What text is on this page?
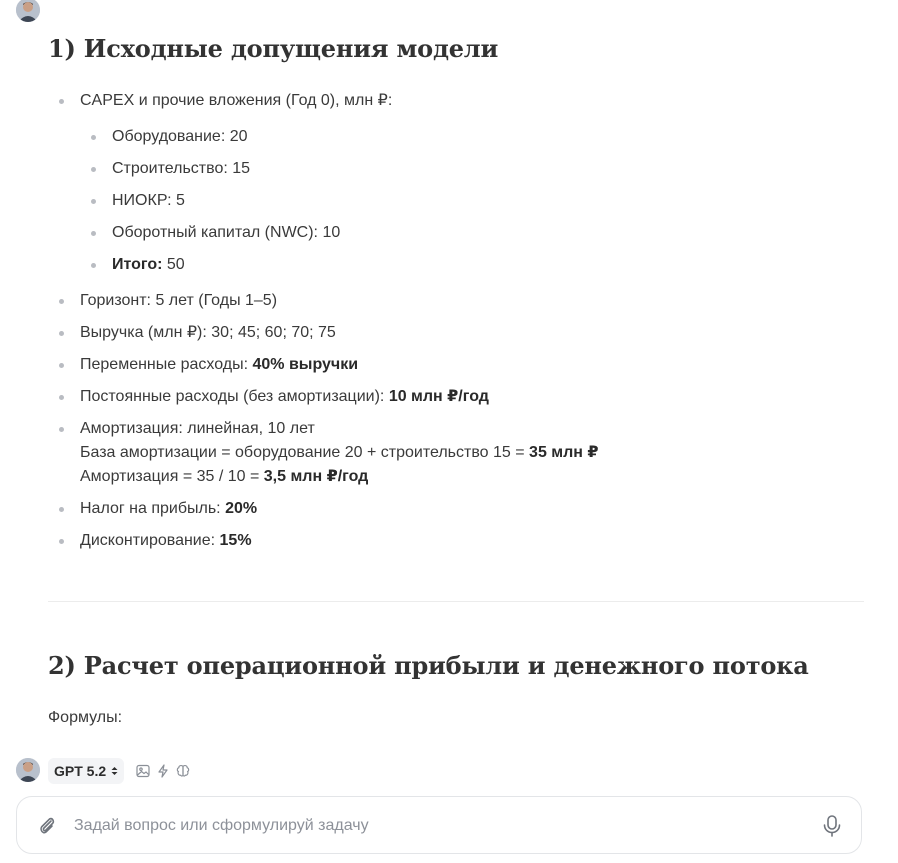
1) Исходные допущения модели
CAPEX и прочие вложения (Год 0), млн ₽:
Оборудование: 20
Строительство: 15
НИОКР: 5
Оборотный капитал (NWC): 10
Итого: 50
Горизонт: 5 лет (Годы 1–5)
Выручка (млн ₽): 30; 45; 60; 70; 75
Переменные расходы: 40% выручки
Постоянные расходы (без амортизации): 10 млн ₽/год
Амортизация: линейная, 10 лет
База амортизации = оборудование 20 + строительство 15 = 35 млн ₽
Амортизация = 35 / 10 = 3,5 млн ₽/год
Налог на прибыль: 20%
Дисконтирование: 15%
2) Расчет операционной прибыли и денежного потока
Формулы:
GPT 5.2
Задай вопрос или сформулируй задачу
